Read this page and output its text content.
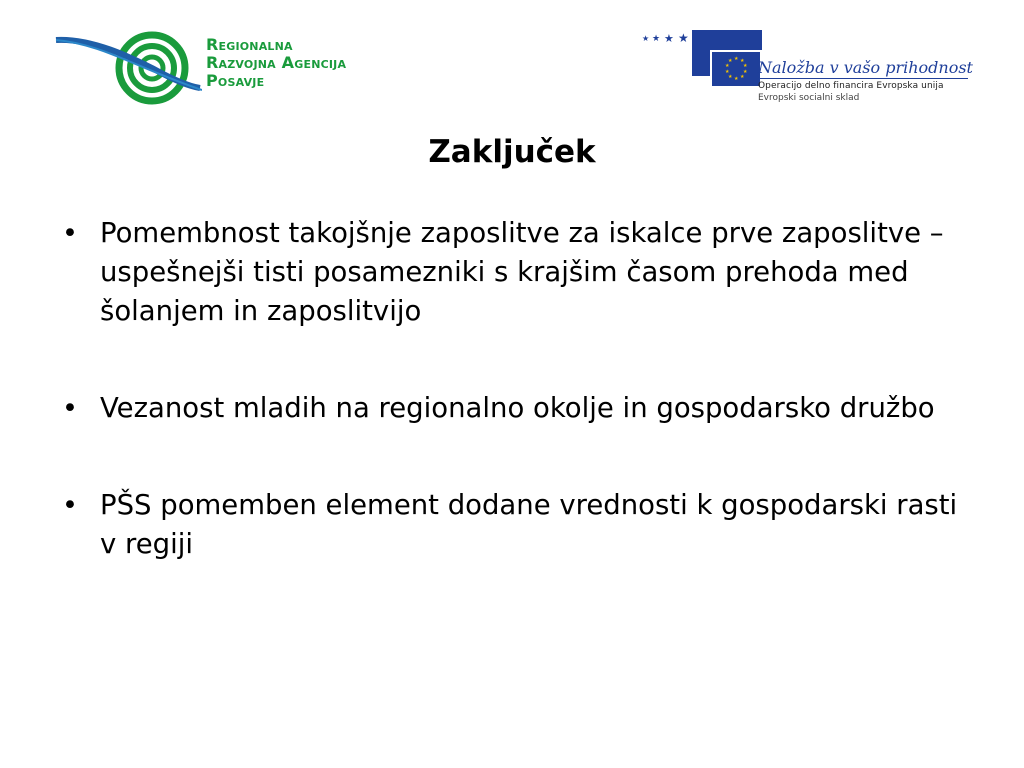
Regionalna
Razvojna Agencija
Posavje
★ ★ ★ ★
★ ★
★
★
★
★
★
★
★
★ Naložba v vašo prihodnost
Operacijo delno financira Evropska unija
Evropski socialni sklad
Zaključek
• Pomembnost takojšnje zaposlitve za iskalce prve zaposlitve – uspešnejši tisti posamezniki s krajšim časom prehoda med šolanjem in zaposlitvijo
• Vezanost mladih na regionalno okolje in gospodarsko družbo
• PŠS pomemben element dodane vrednosti k gospodarski rasti v regiji
